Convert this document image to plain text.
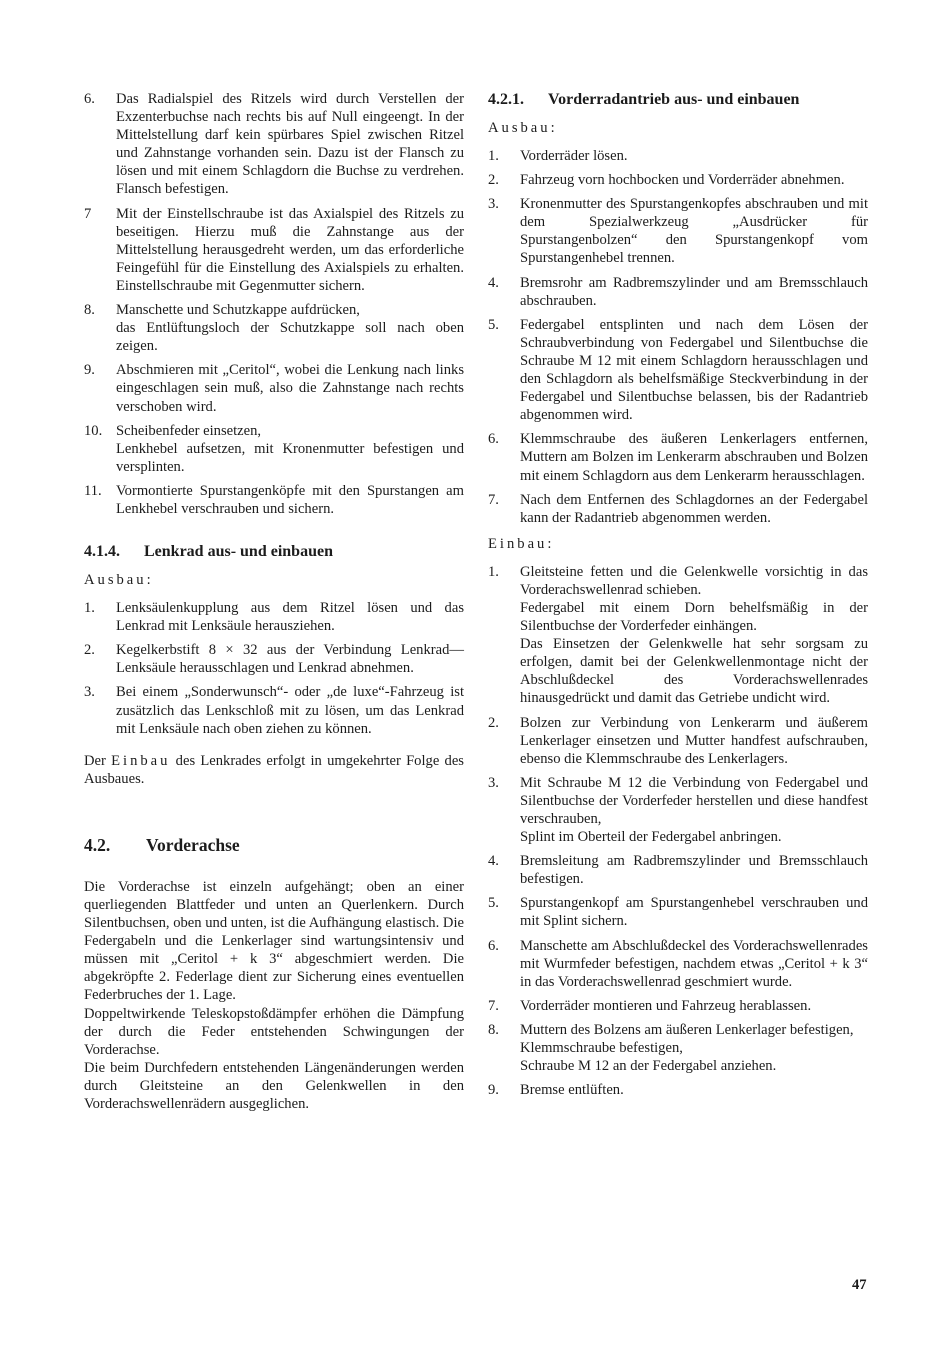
6.	Das Radialspiel des Ritzels wird durch Verstellen der Exzenterbuchse nach rechts bis auf Null eingeengt. In der Mittelstellung darf kein spürbares Spiel zwischen Ritzel und Zahnstange vorhanden sein. Dazu ist der Flansch zu lösen und mit einem Schlagdorn die Buchse zu verdrehen. Flansch befestigen.
7	Mit der Einstellschraube ist das Axialspiel des Ritzels zu beseitigen. Hierzu muß die Zahnstange aus der Mittelstellung herausgedreht werden, um das erforderliche Feingefühl für die Einstellung des Axialspiels zu erhalten. Einstellschraube mit Gegenmutter sichern.
8.	Manschette und Schutzkappe aufdrücken,
das Entlüftungsloch der Schutzkappe soll nach oben zeigen.
9.	Abschmieren mit „Ceritol“, wobei die Lenkung nach links eingeschlagen sein muß, also die Zahnstange nach rechts verschoben wird.
10. Scheibenfeder einsetzen,
Lenkhebel aufsetzen, mit Kronenmutter befestigen und versplinten.
11. Vormontierte Spurstangenköpfe mit den Spurstangen am Lenkhebel verschrauben und sichern.
4.1.4.	Lenkrad aus- und einbauen
Ausbau:
1.	Lenksäulenkupplung aus dem Ritzel lösen und das Lenkrad mit Lenksäule herausziehen.
2.	Kegelkerbstift 8 × 32 aus der Verbindung Lenkrad—Lenksäule herausschlagen und Lenkrad abnehmen.
3.	Bei einem „Sonderwunsch“- oder „de luxe“-Fahrzeug ist zusätzlich das Lenkschloß mit zu lösen, um das Lenkrad mit Lenksäule nach oben ziehen zu können.
Der Einbau des Lenkrades erfolgt in umgekehrter Folge des Ausbaues.
4.2.	Vorderachse
Die Vorderachse ist einzeln aufgehängt; oben an einer querliegenden Blattfeder und unten an Querlenkern. Durch Silentbuchsen, oben und unten, ist die Aufhängung elastisch. Die Federgabeln und die Lenkerlager sind wartungsintensiv und müssen mit „Ceritol + k 3“ abgeschmiert werden. Die abgekröpfte 2. Federlage dient zur Sicherung eines eventuellen Federbruches der 1. Lage.
Doppeltwirkende Teleskopstoßdämpfer erhöhen die Dämpfung der durch die Feder entstehenden Schwingungen der Vorderachse.
Die beim Durchfedern entstehenden Längenänderungen werden durch Gleitsteine an den Gelenkwellen in den Vorderachswellenrädern ausgeglichen.
4.2.1.	Vorderradantrieb aus- und einbauen
Ausbau:
1.	Vorderräder lösen.
2.	Fahrzeug vorn hochbocken und Vorderräder abnehmen.
3.	Kronenmutter des Spurstangenkopfes abschrauben und mit dem Spezialwerkzeug „Ausdrücker für Spurstangenbolzen“ den Spurstangenkopf vom Spurstangenhebel trennen.
4.	Bremsrohr am Radbremszylinder und am Bremsschlauch abschrauben.
5.	Federgabel entsplinten und nach dem Lösen der Schraubverbindung von Federgabel und Silentbuchse die Schraube M 12 mit einem Schlagdorn herausschlagen und den Schlagdorn als behelfsmäßige Steckverbindung in der Federgabel und Silentbuchse belassen, bis der Radantrieb abgenommen wird.
6.	Klemmschraube des äußeren Lenkerlagers entfernen, Muttern am Bolzen im Lenkerarm abschrauben und Bolzen mit einem Schlagdorn aus dem Lenkerarm herausschlagen.
7.	Nach dem Entfernen des Schlagdornes an der Federgabel kann der Radantrieb abgenommen werden.
Einbau:
1.	Gleitsteine fetten und die Gelenkwelle vorsichtig in das Vorderachswellenrad schieben.
Federgabel mit einem Dorn behelfsmäßig in der Silentbuchse der Vorderfeder einhängen.
Das Einsetzen der Gelenkwelle hat sehr sorgsam zu erfolgen, damit bei der Gelenkwellenmontage nicht der Abschlußdeckel des Vorderachswellenrades hinausgedrückt und damit das Getriebe undicht wird.
2.	Bolzen zur Verbindung von Lenkerarm und äußerem Lenkerlager einsetzen und Mutter handfest aufschrauben, ebenso die Klemmschraube des Lenkerlagers.
3.	Mit Schraube M 12 die Verbindung von Federgabel und Silentbuchse der Vorderfeder herstellen und diese handfest verschrauben,
Splint im Oberteil der Federgabel anbringen.
4.	Bremsleitung am Radbremszylinder und Bremsschlauch befestigen.
5.	Spurstangenkopf am Spurstangenhebel verschrauben und mit Splint sichern.
6.	Manschette am Abschlußdeckel des Vorderachswellenrades mit Wurmfeder befestigen, nachdem etwas „Ceritol + k 3“ in das Vorderachswellenrad geschmiert wurde.
7.	Vorderräder montieren und Fahrzeug herablassen.
8.	Muttern des Bolzens am äußeren Lenkerlager befestigen,
Klemmschraube befestigen,
Schraube M 12 an der Federgabel anziehen.
9.	Bremse entlüften.
47
